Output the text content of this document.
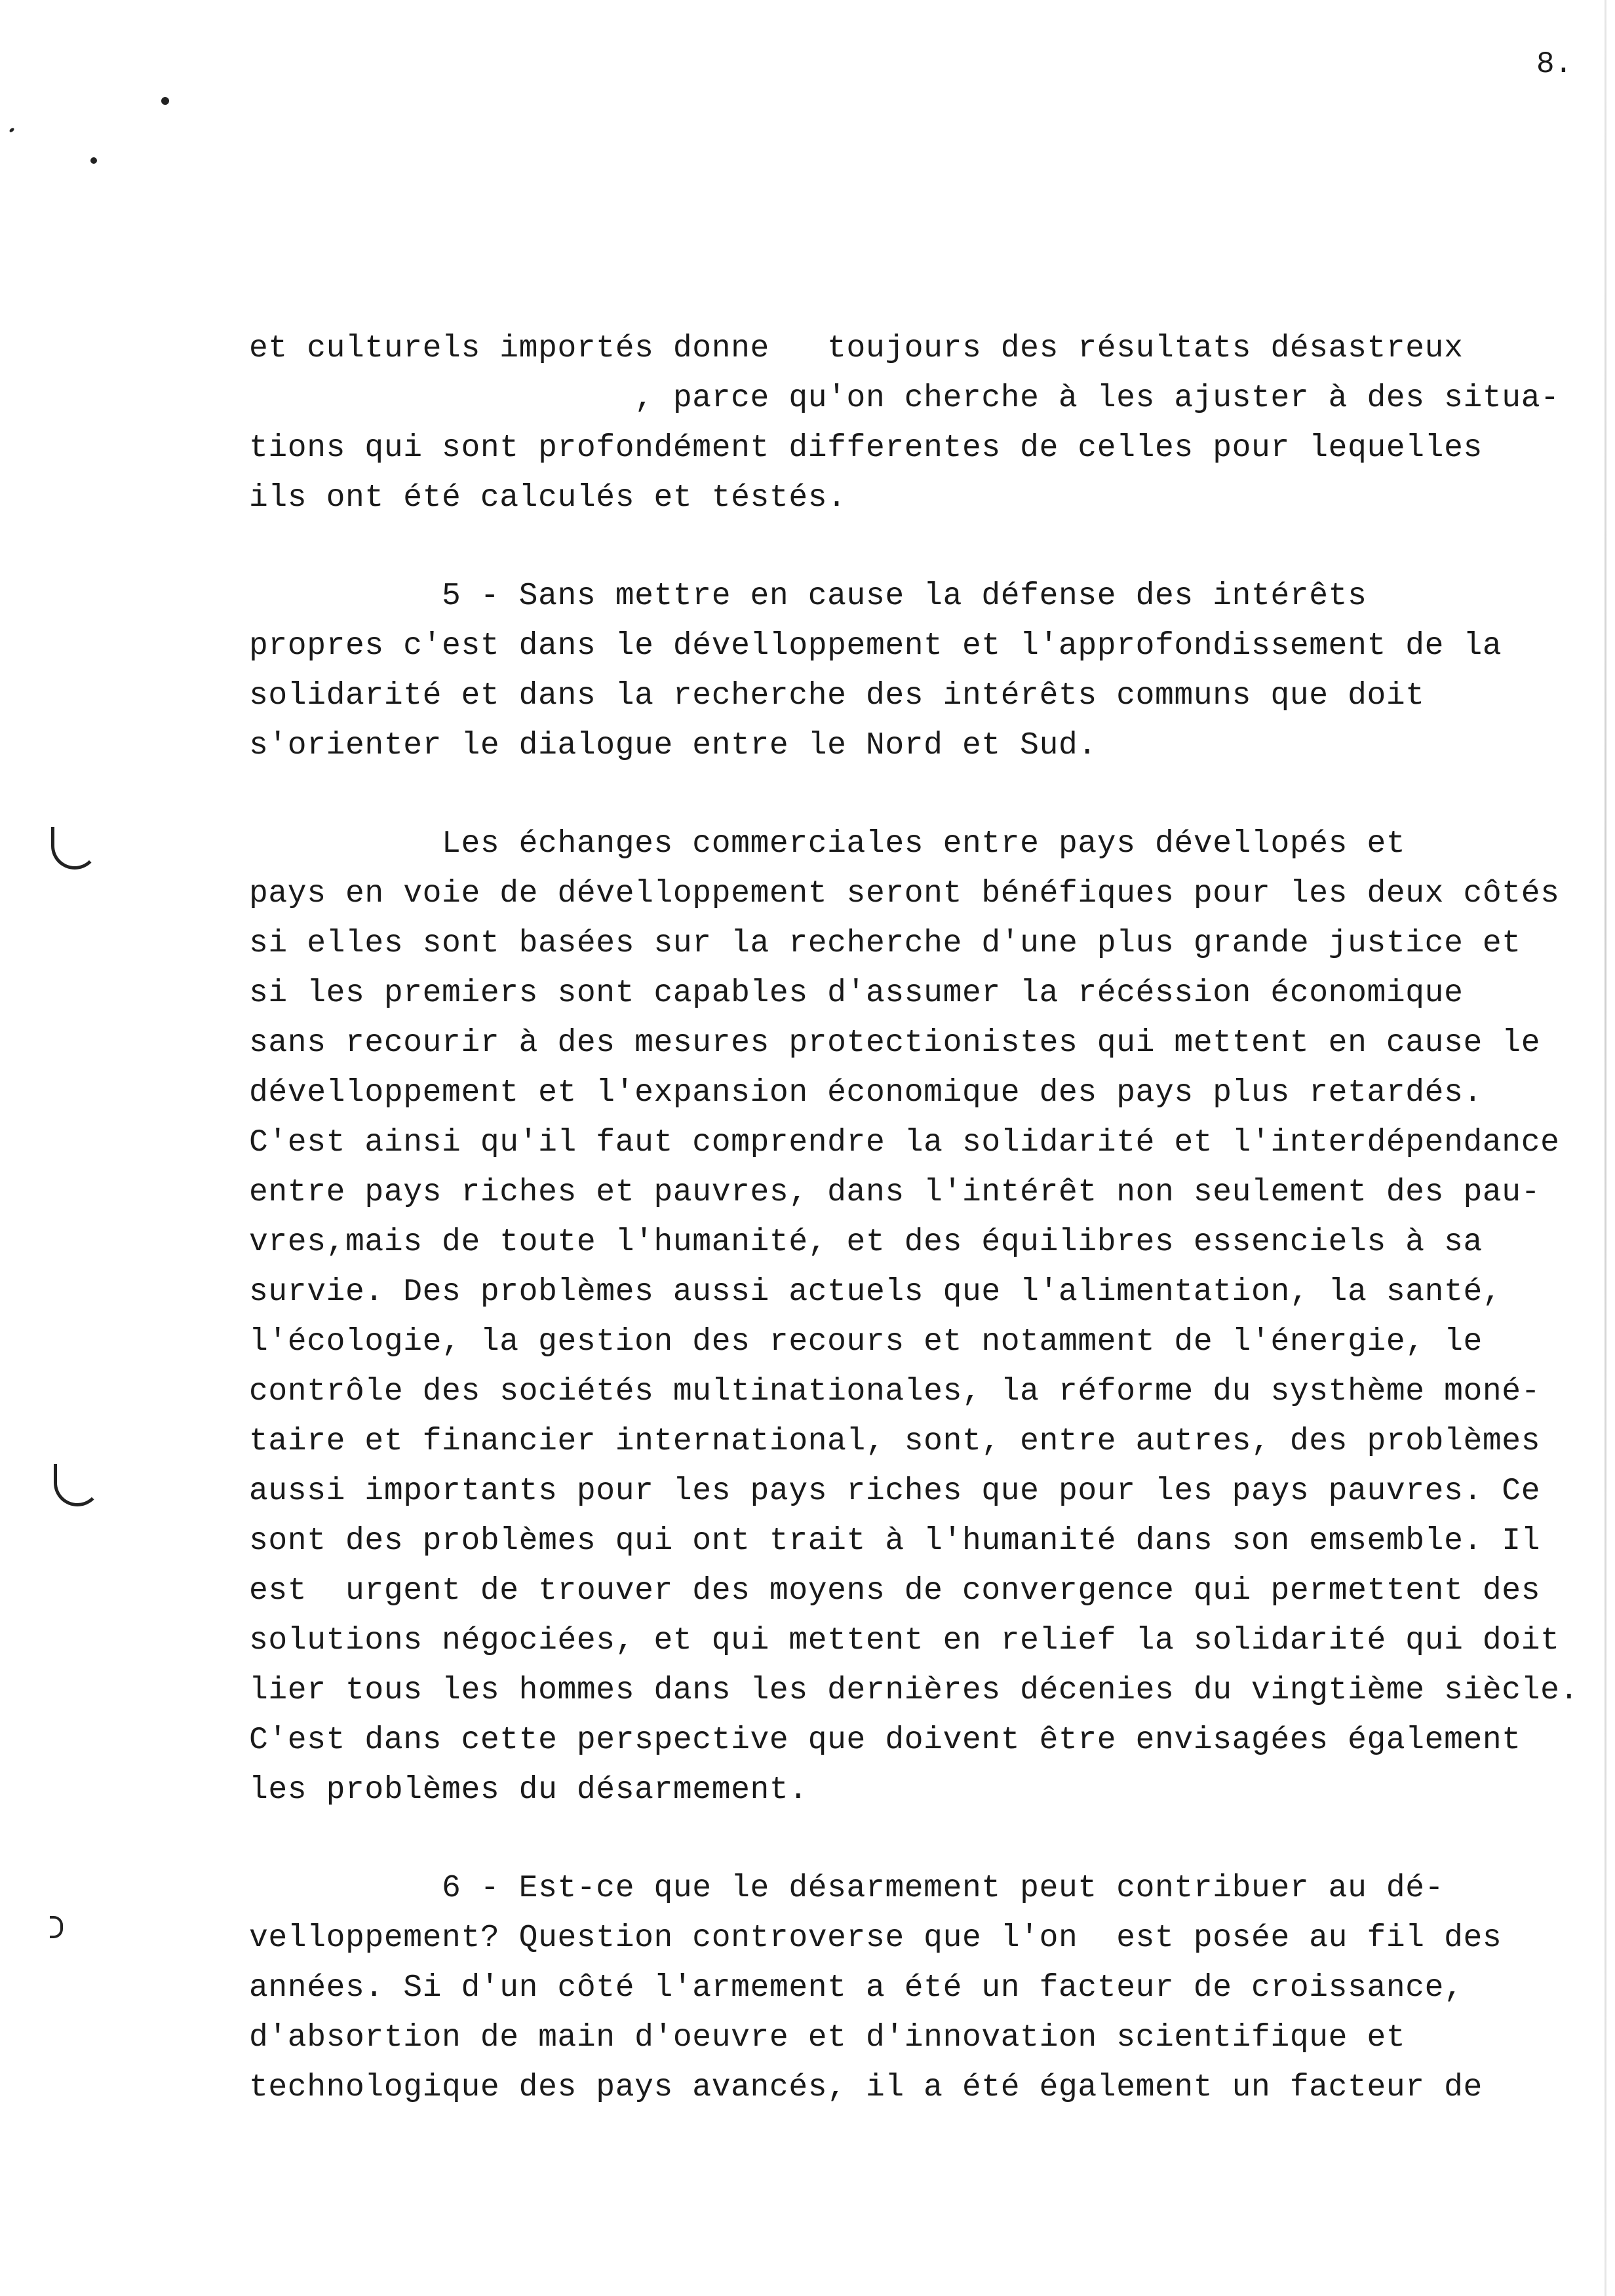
8.
et culturels importés donne   toujours des résultats désastreux
, parce qu'on cherche à les ajuster à des situa-
tions qui sont profondément differentes de celles pour lequelles
ils ont été calculés et téstés.
5 - Sans mettre en cause la défense des intérêts
propres c'est dans le dévelloppement et l'approfondissement de la
solidarité et dans la recherche des intérêts communs que doit
s'orienter le dialogue entre le Nord et Sud.
Les échanges commerciales entre pays dévellopés et
pays en voie de dévelloppement seront bénéfiques pour les deux côtés
si elles sont basées sur la recherche d'une plus grande justice et
si les premiers sont capables d'assumer la récéssion économique
sans recourir à des mesures protectionistes qui mettent en cause le
dévelloppement et l'expansion économique des pays plus retardés.
C'est ainsi qu'il faut comprendre la solidarité et l'interdépendance
entre pays riches et pauvres, dans l'intérêt non seulement des pau-
vres,mais de toute l'humanité, et des équilibres essenciels à sa
survie. Des problèmes aussi actuels que l'alimentation, la santé,
l'écologie, la gestion des recours et notamment de l'énergie, le
contrôle des sociétés multinationales, la réforme du systhème moné-
taire et financier international, sont, entre autres, des problèmes
aussi importants pour les pays riches que pour les pays pauvres. Ce
sont des problèmes qui ont trait à l'humanité dans son emsemble. Il
est  urgent de trouver des moyens de convergence qui permettent des
solutions négociées, et qui mettent en relief la solidarité qui doit
lier tous les hommes dans les dernières décenies du vingtième siècle.
C'est dans cette perspective que doivent être envisagées également
les problèmes du désarmement.
6 - Est-ce que le désarmement peut contribuer au dé-
velloppement? Question controverse que l'on  est posée au fil des
années. Si d'un côté l'armement a été un facteur de croissance,
d'absortion de main d'oeuvre et d'innovation scientifique et
technologique des pays avancés, il a été également un facteur de
